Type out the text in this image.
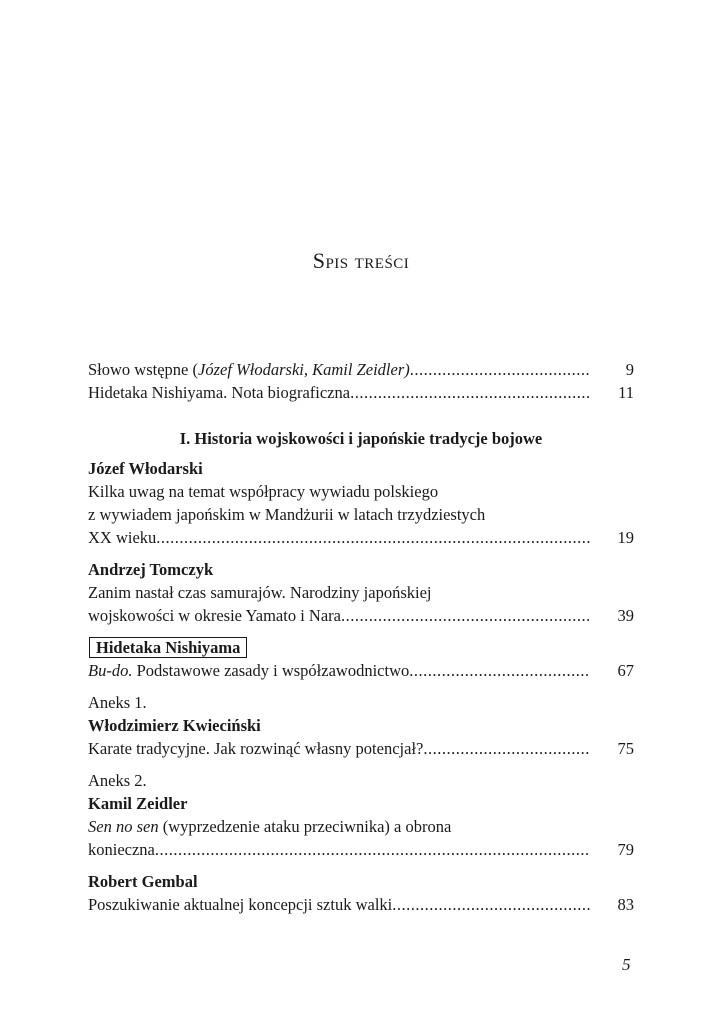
Spis treści
Słowo wstępne (Józef Włodarski, Kamil Zeidler) .....	9
Hidetaka Nishiyama. Nota biograficzna .....	11
I. Historia wojskowości i japońskie tradycje bojowe
Józef Włodarski
Kilka uwag na temat współpracy wywiadu polskiego
z wywiadem japońskim w Mandżurii w latach trzydziestych
XX wieku .....	19
Andrzej Tomczyk
Zanim nastał czas samurajów. Narodziny japońskiej
wojskowości w okresie Yamato i Nara .....	39
Hidetaka Nishiyama
Bu-do. Podstawowe zasady i współzawodnictwo .....	67
Aneks 1.
Włodzimierz Kwieciński
Karate tradycyjne. Jak rozwinąć własny potencjał? .....	75
Aneks 2.
Kamil Zeidler
Sen no sen (wyprzedzenie ataku przeciwnika) a obrona
konieczna .....	79
Robert Gembal
Poszukiwanie aktualnej koncepcji sztuk walki .....	83
5
